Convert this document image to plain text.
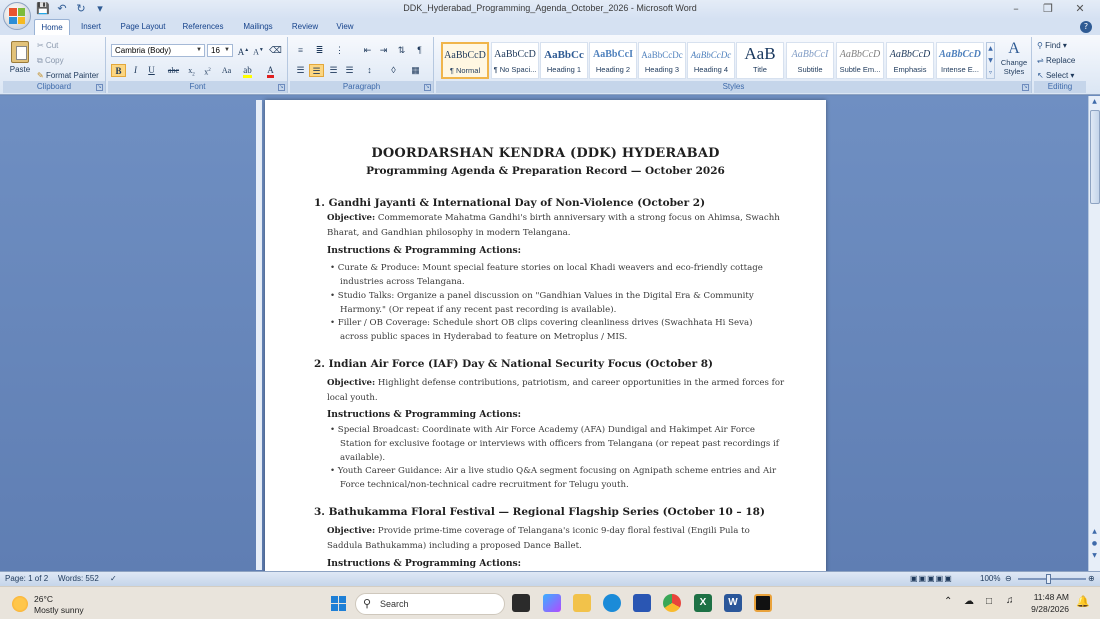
DDK_Hyderabad_Programming_Agenda_October_2026 - Microsoft Word
💾 ↶ ↻	▾	–	❐	✕
Home	Insert	Page Layout	References	Mailings	Review	View	?
Paste
✂ Cut
⧉ Copy
✎ Format Painter
Clipboard	↘
Cambria (Body)	▼	16 ▼ A▲ A▼ ⌫
B	I	U	abc	$x_2$	$x^2$	Aa	ab	A
Font	↘
≡	≣	⋮	⇤ ⇥	⇅	¶
☰ ☰ ☰ ☰	↕	◊	▦
Paragraph	↘
AaBbCcD
¶ Normal
AaBbCcD
¶ No Spaci...
AaBbCc
Heading 1
AaBbCcI
Heading 2
AaBbCcDc
Heading 3
AaBbCcDc
Heading 4
AaB
Title
AaBbCcI
Subtitle
AaBbCcD
Subtle Em...
AaBbCcD
Emphasis
AaBbCcD
Intense E...
▲
▼
▿
A
Change Styles
Styles	↘
⚲ Find ▾
⇌ Replace
↖ Select ▾
Editing
DOORDARSHAN KENDRA (DDK) HYDERABAD
Programming Agenda & Preparation Record — October 2026
1. Gandhi Jayanti & International Day of Non-Violence (October 2)
Objective: Commemorate Mahatma Gandhi's birth anniversary with a strong focus on Ahimsa, Swachh Bharat, and Gandhian philosophy in modern Telangana.
Instructions & Programming Actions:
• Curate & Produce: Mount special feature stories on local Khadi weavers and eco-friendly cottage industries across Telangana.
• Studio Talks: Organize a panel discussion on "Gandhian Values in the Digital Era & Community Harmony." (Or repeat if any recent past recording is available).
• Filler / OB Coverage: Schedule short OB clips covering cleanliness drives (Swachhata Hi Seva) across public spaces in Hyderabad to feature on Metroplus / MIS.
2. Indian Air Force (IAF) Day & National Security Focus (October 8)
Objective: Highlight defense contributions, patriotism, and career opportunities in the armed forces for local youth.
Instructions & Programming Actions:
• Special Broadcast: Coordinate with Air Force Academy (AFA) Dundigal and Hakimpet Air Force Station for exclusive footage or interviews with officers from Telangana (or repeat past recordings if available).
• Youth Career Guidance: Air a live studio Q&A segment focusing on Agnipath scheme entries and Air Force technical/non-technical cadre recruitment for Telugu youth.
3. Bathukamma Floral Festival — Regional Flagship Series (October 10 – 18)
Objective: Provide prime-time coverage of Telangana's iconic 9-day floral festival (Engili Pula to Saddula Bathukamma) including a proposed Dance Ballet.
Instructions & Programming Actions:
▲
▲
●
▼
Page: 1 of 2 Words: 552 ✓	▣▣▣▣▣	100% ⊖	⊕
26°C
Mostly sunny	⚲ Search	X	W	⌃ ☁ □ ♫	11:48 AM
9/28/2026
🔔
